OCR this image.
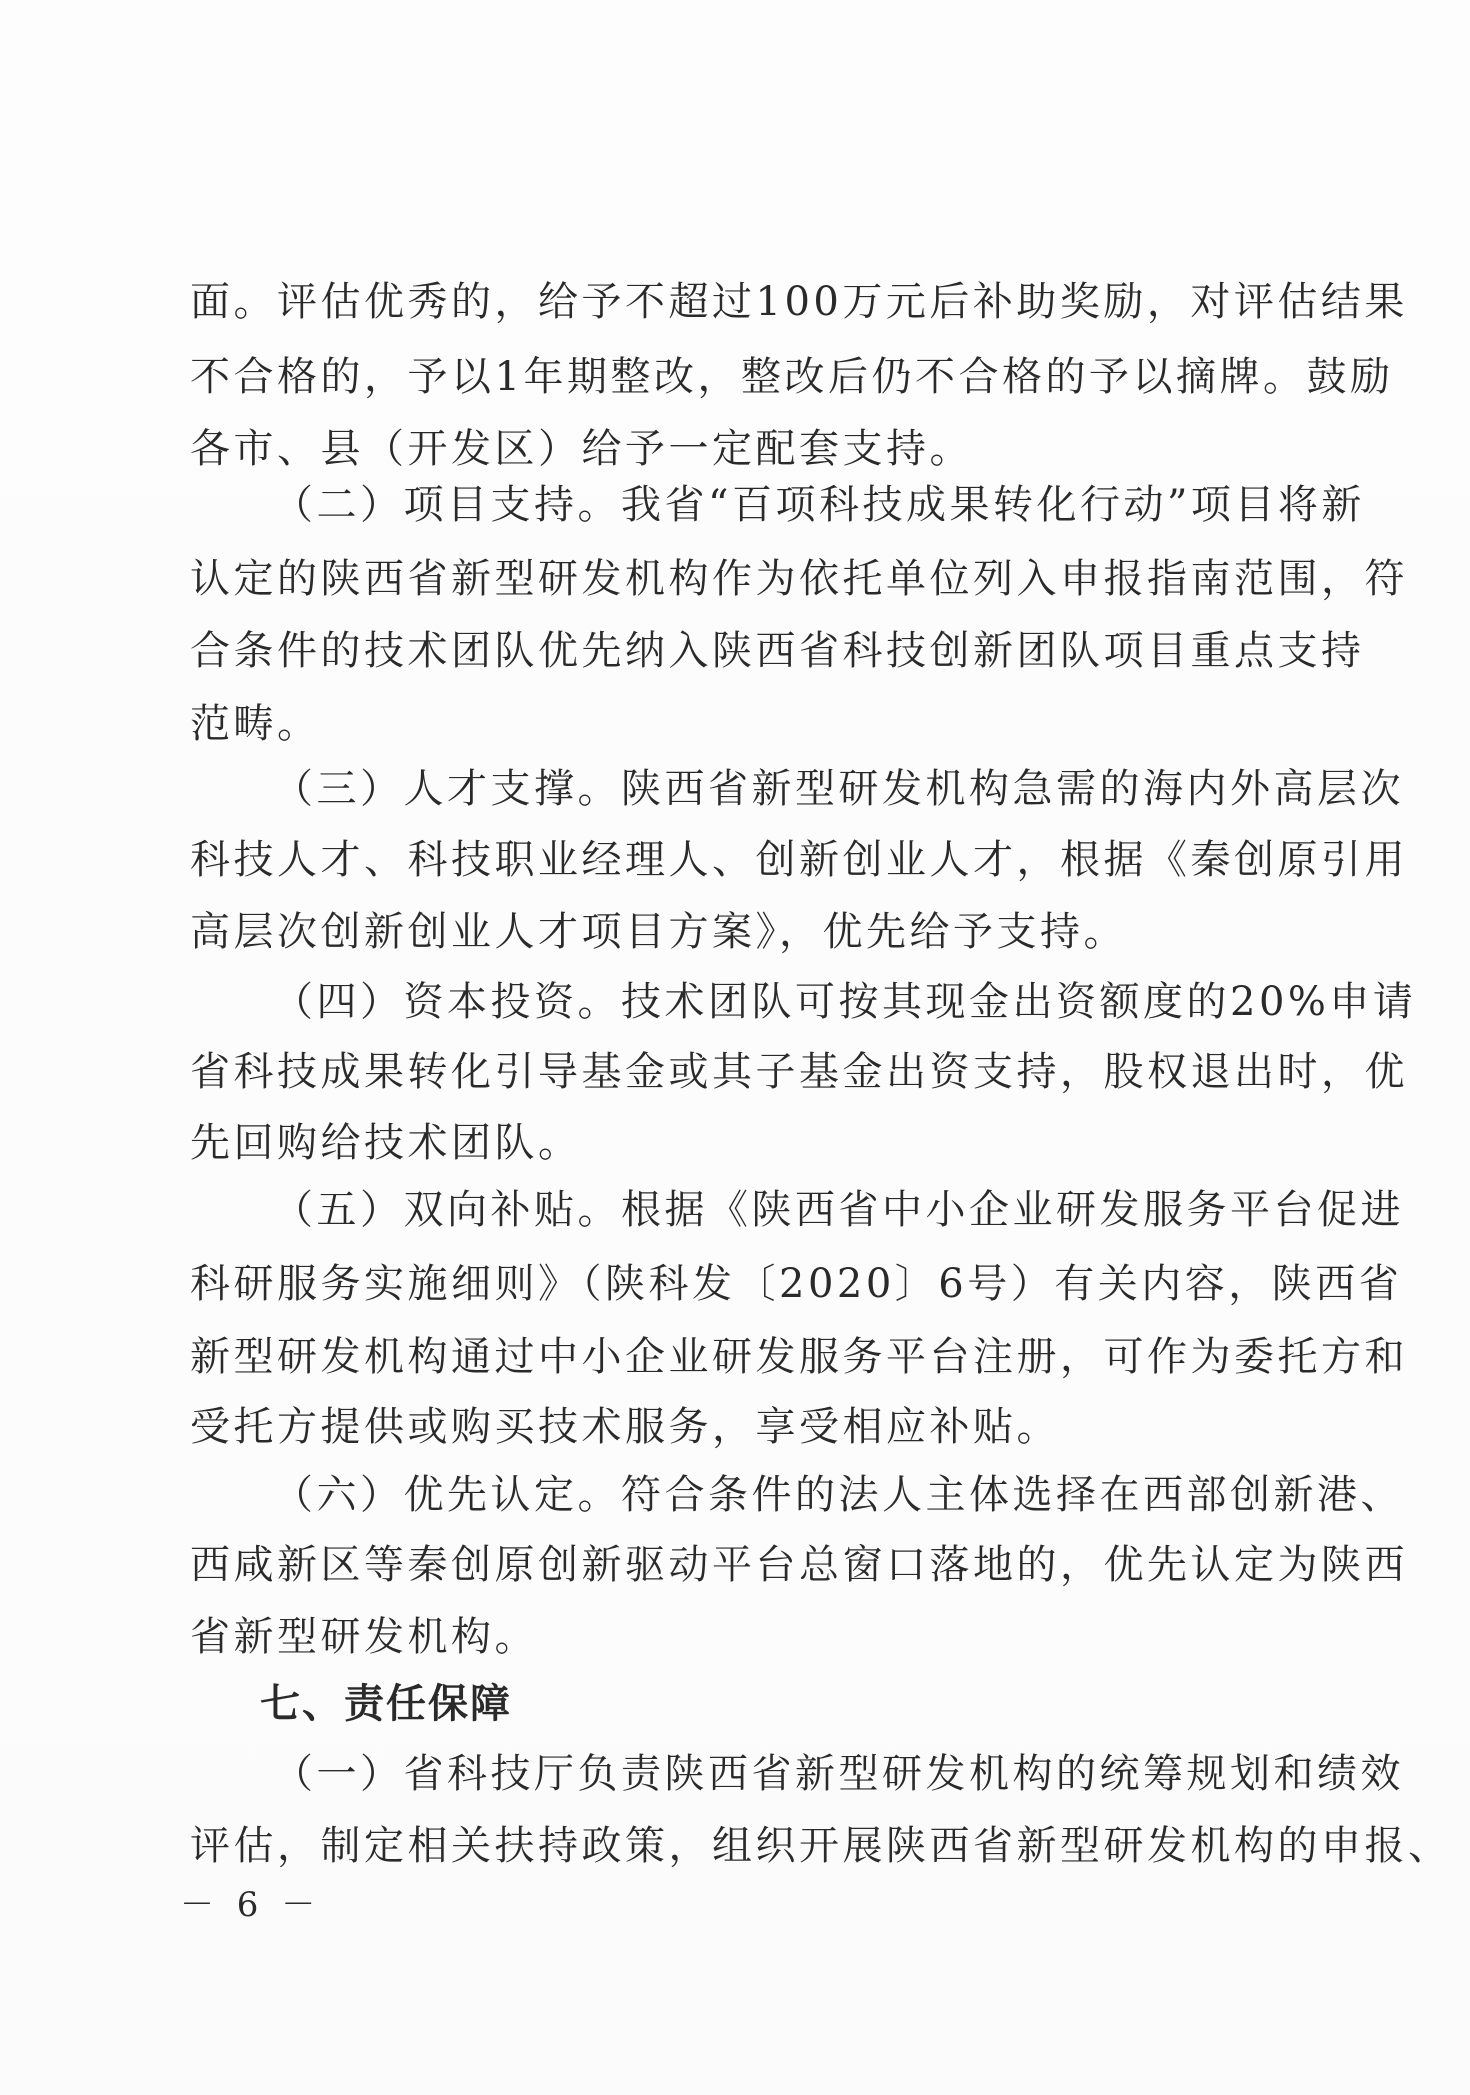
面。评估优秀的，给予不超过100万元后补助奖励，对评估结果
不合格的，予以1年期整改，整改后仍不合格的予以摘牌。鼓励
各市、县（开发区）给予一定配套支持。
（二）项目支持。我省“百项科技成果转化行动”项目将新
认定的陕西省新型研发机构作为依托单位列入申报指南范围，符
合条件的技术团队优先纳入陕西省科技创新团队项目重点支持
范畴。
（三）人才支撑。陕西省新型研发机构急需的海内外高层次
科技人才、科技职业经理人、创新创业人才，根据《秦创原引用
高层次创新创业人才项目方案》，优先给予支持。
（四）资本投资。技术团队可按其现金出资额度的20%申请
省科技成果转化引导基金或其子基金出资支持，股权退出时，优
先回购给技术团队。
（五）双向补贴。根据《陕西省中小企业研发服务平台促进
科研服务实施细则》（陕科发〔2020〕6号）有关内容，陕西省
新型研发机构通过中小企业研发服务平台注册，可作为委托方和
受托方提供或购买技术服务，享受相应补贴。
（六）优先认定。符合条件的法人主体选择在西部创新港、
西咸新区等秦创原创新驱动平台总窗口落地的，优先认定为陕西
省新型研发机构。
七、责任保障
（一）省科技厅负责陕西省新型研发机构的统筹规划和绩效
评估，制定相关扶持政策，组织开展陕西省新型研发机构的申报、
－ 6 －
